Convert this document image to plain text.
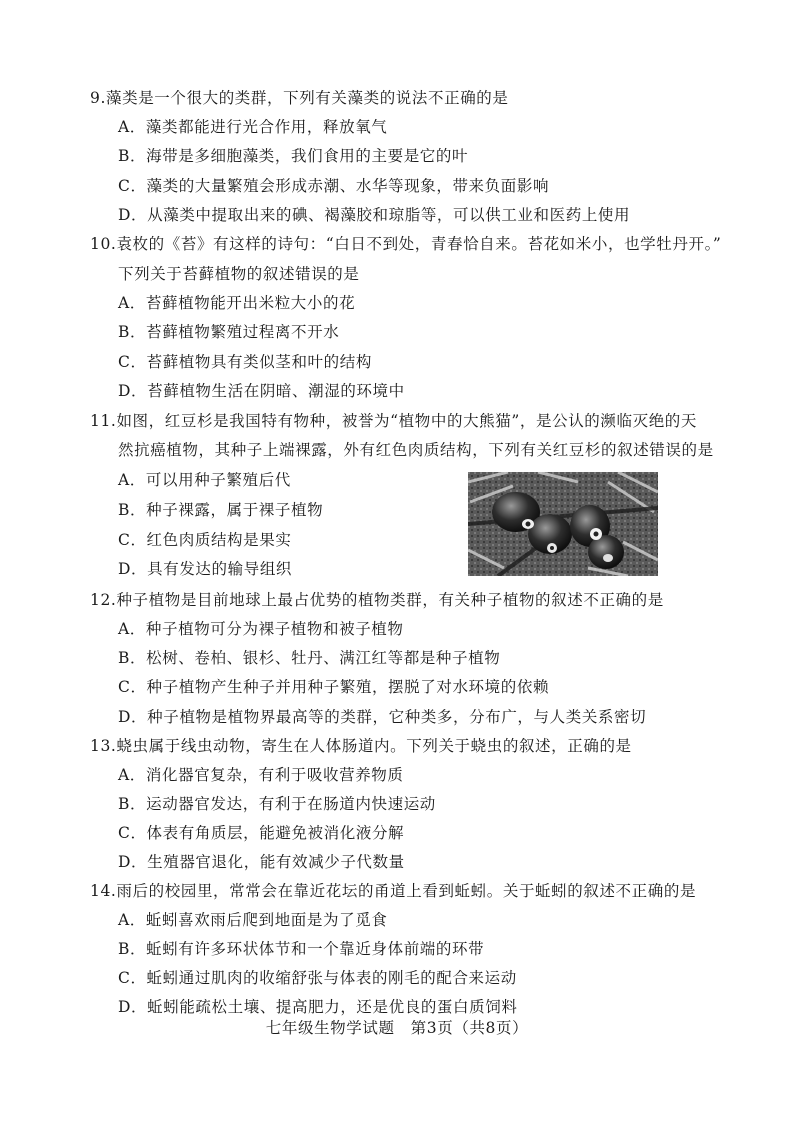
9.藻类是一个很大的类群，下列有关藻类的说法不正确的是
A．藻类都能进行光合作用，释放氧气
B．海带是多细胞藻类，我们食用的主要是它的叶
C．藻类的大量繁殖会形成赤潮、水华等现象，带来负面影响
D．从藻类中提取出来的碘、褐藻胶和琼脂等，可以供工业和医药上使用
10.袁枚的《苔》有这样的诗句：“白日不到处，青春恰自来。苔花如米小，也学牡丹开。”
下列关于苔藓植物的叙述错误的是
A．苔藓植物能开出米粒大小的花
B．苔藓植物繁殖过程离不开水
C．苔藓植物具有类似茎和叶的结构
D．苔藓植物生活在阴暗、潮湿的环境中
11.如图，红豆杉是我国特有物种，被誉为“植物中的大熊猫”，是公认的濒临灭绝的天
然抗癌植物，其种子上端裸露，外有红色肉质结构，下列有关红豆杉的叙述错误的是
A．可以用种子繁殖后代
B．种子裸露，属于裸子植物
C．红色肉质结构是果实
D．具有发达的输导组织
12.种子植物是目前地球上最占优势的植物类群，有关种子植物的叙述不正确的是
A．种子植物可分为裸子植物和被子植物
B．松树、卷柏、银杉、牡丹、满江红等都是种子植物
C．种子植物产生种子并用种子繁殖，摆脱了对水环境的依赖
D．种子植物是植物界最高等的类群，它种类多，分布广，与人类关系密切
13.蛲虫属于线虫动物，寄生在人体肠道内。下列关于蛲虫的叙述，正确的是
A．消化器官复杂，有利于吸收营养物质
B．运动器官发达，有利于在肠道内快速运动
C．体表有角质层，能避免被消化液分解
D．生殖器官退化，能有效减少子代数量
14.雨后的校园里，常常会在靠近花坛的甬道上看到蚯蚓。关于蚯蚓的叙述不正确的是
A．蚯蚓喜欢雨后爬到地面是为了觅食
B．蚯蚓有许多环状体节和一个靠近身体前端的环带
C．蚯蚓通过肌肉的收缩舒张与体表的刚毛的配合来运动
D．蚯蚓能疏松土壤、提高肥力，还是优良的蛋白质饲料
七年级生物学试题　第3页（共8页）
